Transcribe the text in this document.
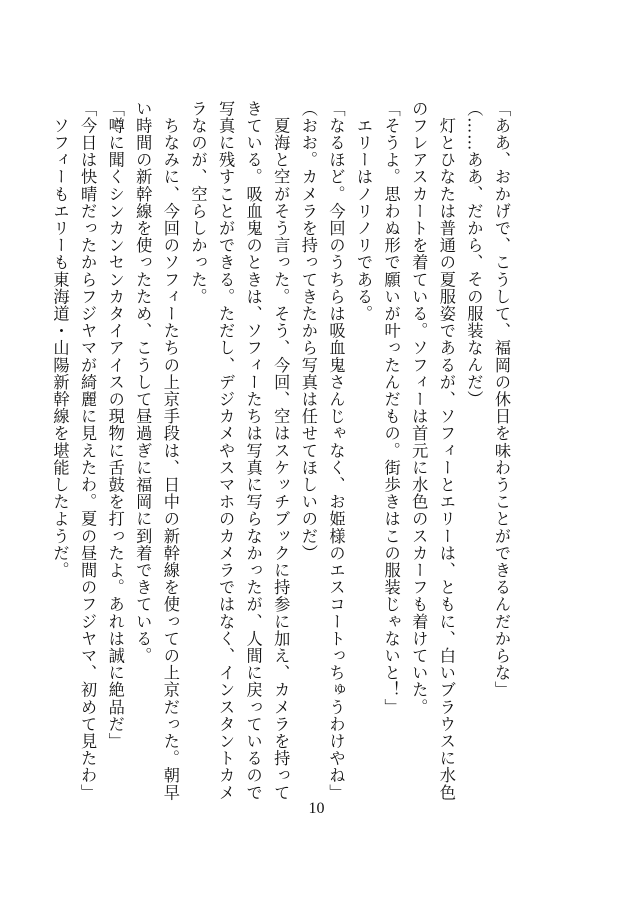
「ああ、おかげで、こうして、福岡の休日を味わうことができるんだからな」
（……ああ、だから、その服装なんだ）
　灯とひなたは普通の夏服姿であるが、ソフィーとエリーは、ともに、白いブラウスに水色
のフレアスカートを着ている。ソフィーは首元に水色のスカーフも着けていた。
「そうよ。思わぬ形で願いが叶ったんだもの。街歩きはこの服装じゃないと！」
　エリーはノリノリである。
「なるほど。今回のうちらは吸血鬼さんじゃなく、お姫様のエスコートっちゅうわけやね」
（おお。カメラを持ってきたから写真は任せてほしいのだ）
　夏海と空がそう言った。そう、今回、空はスケッチブックに持参に加え、カメラを持って
きている。吸血鬼のときは、ソフィーたちは写真に写らなかったが、人間に戻っているので
写真に残すことができる。ただし、デジカメやスマホのカメラではなく、インスタントカメ
ラなのが、空らしかった。
　ちなみに、今回のソフィーたちの上京手段は、日中の新幹線を使っての上京だった。朝早
い時間の新幹線を使ったため、こうして昼過ぎに福岡に到着できている。
「噂に聞くシンカンセンカタイアイスの現物に舌鼓を打ったよ。あれは誠に絶品だ」
「今日は快晴だったからフジヤマが綺麗に見えたわ。夏の昼間のフジヤマ、初めて見たわ」
　ソフィーもエリーも東海道・山陽新幹線を堪能したようだ。
10
